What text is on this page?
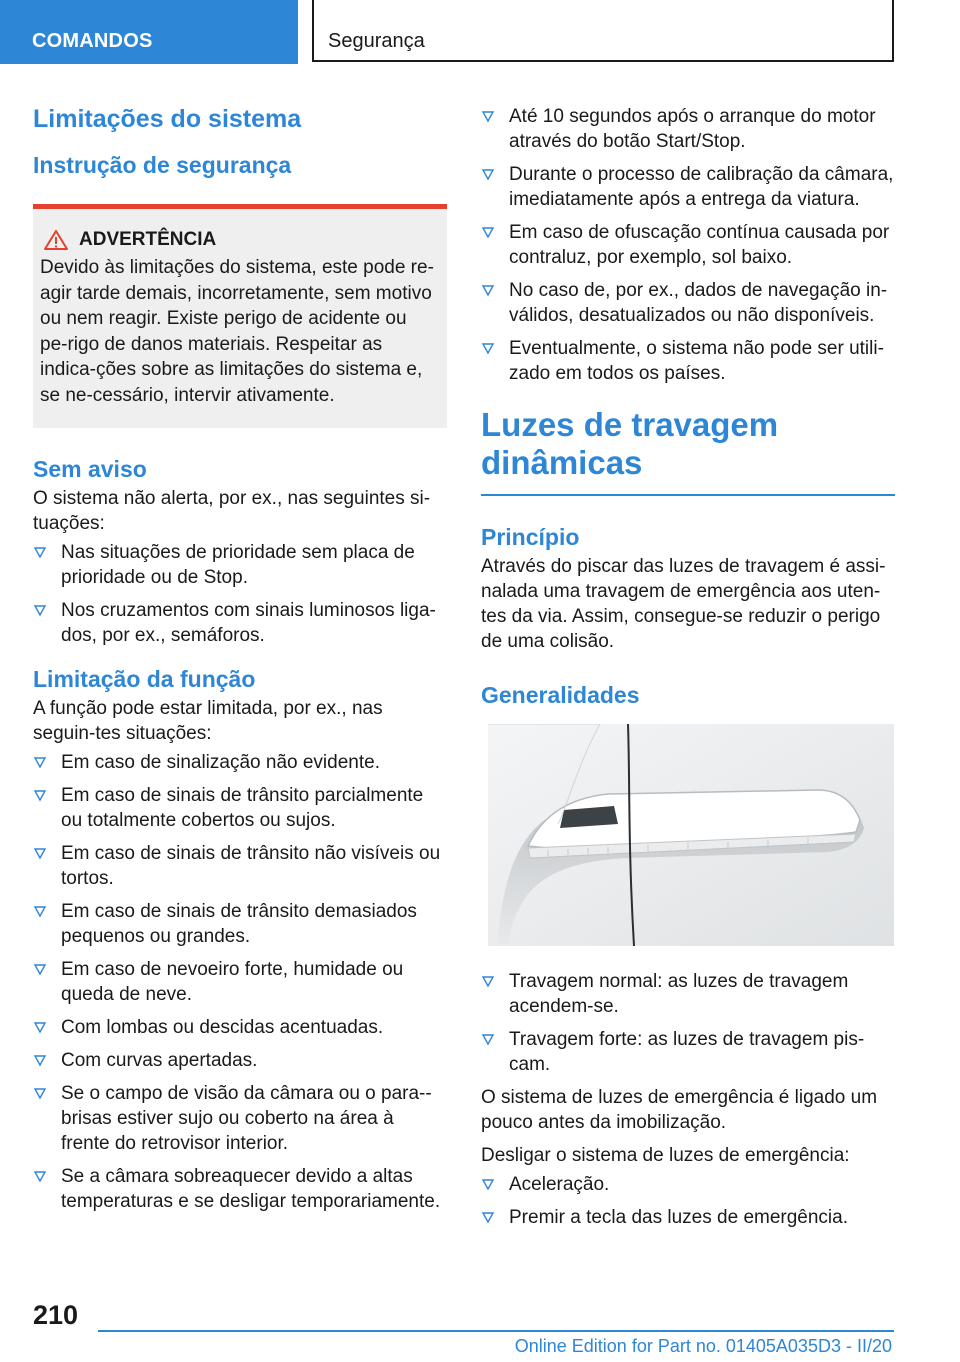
COMANDOS	Segurança
Limitações do sistema
Instrução de segurança
ADVERTÊNCIA

Devido às limitações do sistema, este pode re-agir tarde demais, incorretamente, sem motivo ou nem reagir. Existe perigo de acidente ou pe-rigo de danos materiais. Respeitar as indica-ções sobre as limitações do sistema e, se ne-cessário, intervir ativamente.

Sem aviso

O sistema não alerta, por ex., nas seguintes si-tuações:

Nas situações de prioridade sem placa de prioridade ou de Stop.
Nos cruzamentos com sinais luminosos liga-dos, por ex., semáforos.
Limitação da função

A função pode estar limitada, por ex., nas seguin-tes situações:

Em caso de sinalização não evidente.
Em caso de sinais de trânsito parcialmente ou totalmente cobertos ou sujos.
Em caso de sinais de trânsito não visíveis ou tortos.
Em caso de sinais de trânsito demasiados pequenos ou grandes.
Em caso de nevoeiro forte, humidade ou queda de neve.
Com lombas ou descidas acentuadas.
Com curvas apertadas.
Se o campo de visão da câmara ou o para--brisas estiver sujo ou coberto na área à frente do retrovisor interior.
Se a câmara sobreaquecer devido a altas temperaturas e se desligar temporariamente.
Até 10 segundos após o arranque do motor através do botão Start/Stop.
Durante o processo de calibração da câmara, imediatamente após a entrega da viatura.
Em caso de ofuscação contínua causada por contraluz, por exemplo, sol baixo.
No caso de, por ex., dados de navegação in-válidos, desatualizados ou não disponíveis.
Eventualmente, o sistema não pode ser utili-zado em todos os países.
Luzes de travagem
dinâmicas
Princípio

Através do piscar das luzes de travagem é assi-nalada uma travagem de emergência aos uten-tes da via. Assim, consegue-se reduzir o perigo de uma colisão.

Generalidades
Travagem normal: as luzes de travagem acendem-se.
Travagem forte: as luzes de travagem pis-cam.

O sistema de luzes de emergência é ligado um pouco antes da imobilização.

Desligar o sistema de luzes de emergência:

Aceleração.
Premir a tecla das luzes de emergência.
210
Online Edition for Part no. 01405A035D3 - II/20
